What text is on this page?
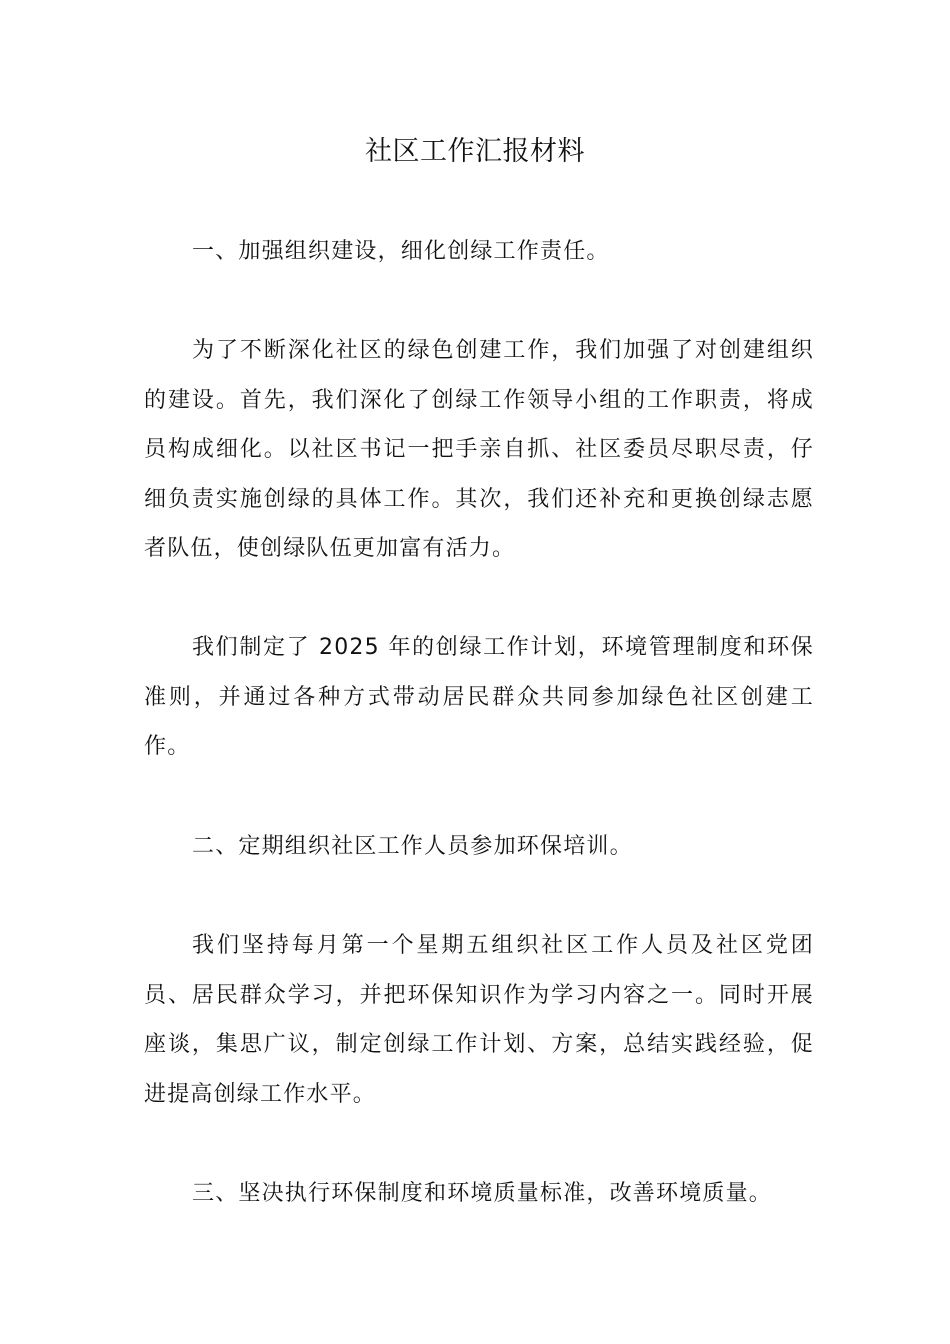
社区工作汇报材料

一、加强组织建设，细化创绿工作责任。

为了不断深化社区的绿色创建工作，我们加强了对创建组织的建设。首先，我们深化了创绿工作领导小组的工作职责，将成员构成细化。以社区书记一把手亲自抓、社区委员尽职尽责，仔细负责实施创绿的具体工作。其次，我们还补充和更换创绿志愿者队伍，使创绿队伍更加富有活力。

我们制定了 2025 年的创绿工作计划，环境管理制度和环保准则，并通过各种方式带动居民群众共同参加绿色社区创建工作。

二、定期组织社区工作人员参加环保培训。

我们坚持每月第一个星期五组织社区工作人员及社区党团员、居民群众学习，并把环保知识作为学习内容之一。同时开展座谈，集思广议，制定创绿工作计划、方案，总结实践经验，促进提高创绿工作水平。

三、坚决执行环保制度和环境质量标准，改善环境质量。
